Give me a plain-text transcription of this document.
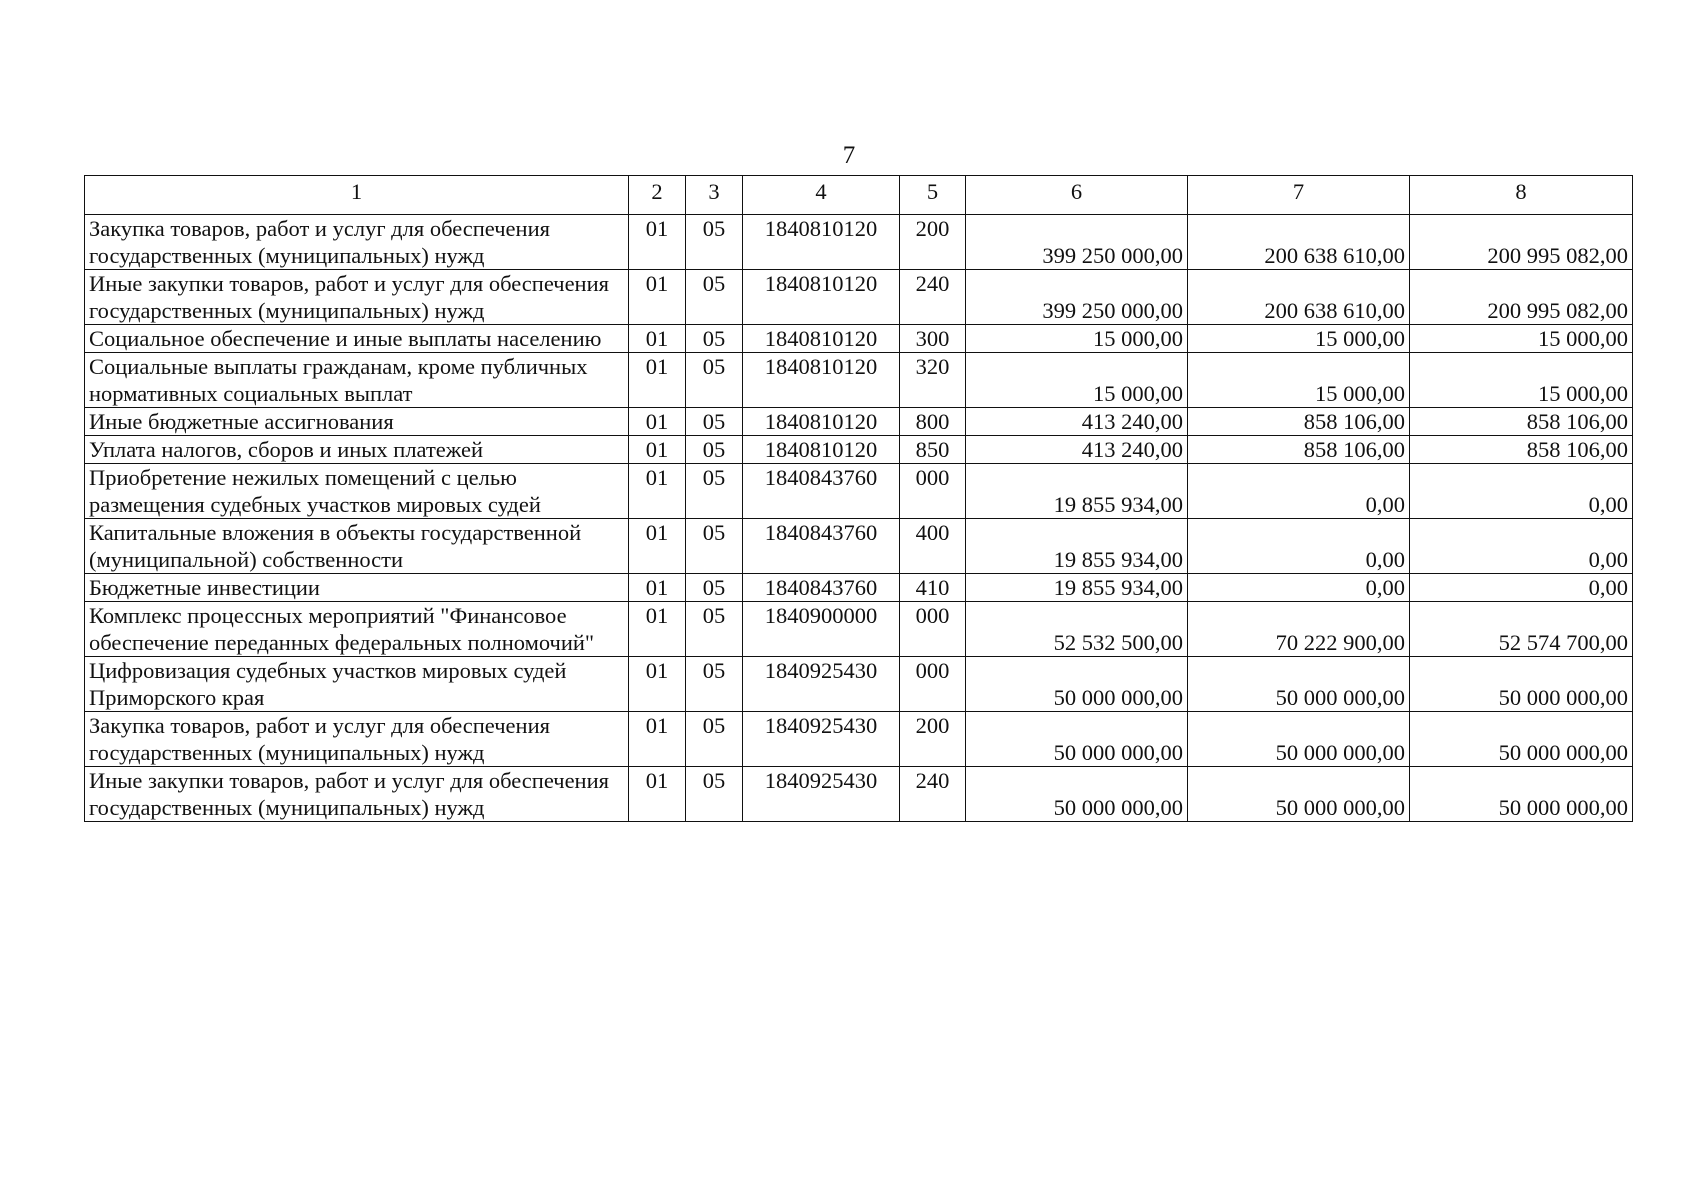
7
1	2	3	4	5	6	7	8
Закупка товаров, работ и услуг для обеспечения государственных (муниципальных) нужд	01	05	1840810120	200	399 250 000,00	200 638 610,00	200 995 082,00
Иные закупки товаров, работ и услуг для обеспечения государственных (муниципальных) нужд	01	05	1840810120	240	399 250 000,00	200 638 610,00	200 995 082,00
Социальное обеспечение и иные выплаты населению	01	05	1840810120	300	15 000,00	15 000,00	15 000,00
Социальные выплаты гражданам, кроме публичных нормативных социальных выплат	01	05	1840810120	320	15 000,00	15 000,00	15 000,00
Иные бюджетные ассигнования	01	05	1840810120	800	413 240,00	858 106,00	858 106,00
Уплата налогов, сборов и иных платежей	01	05	1840810120	850	413 240,00	858 106,00	858 106,00
Приобретение нежилых помещений с целью размещения судебных участков мировых судей	01	05	1840843760	000	19 855 934,00	0,00	0,00
Капитальные вложения в объекты государственной (муниципальной) собственности	01	05	1840843760	400	19 855 934,00	0,00	0,00
Бюджетные инвестиции	01	05	1840843760	410	19 855 934,00	0,00	0,00
Комплекс процессных мероприятий "Финансовое обеспечение переданных федеральных полномочий"	01	05	1840900000	000	52 532 500,00	70 222 900,00	52 574 700,00
Цифровизация судебных участков мировых судей Приморского края	01	05	1840925430	000	50 000 000,00	50 000 000,00	50 000 000,00
Закупка товаров, работ и услуг для обеспечения государственных (муниципальных) нужд	01	05	1840925430	200	50 000 000,00	50 000 000,00	50 000 000,00
Иные закупки товаров, работ и услуг для обеспечения государственных (муниципальных) нужд	01	05	1840925430	240	50 000 000,00	50 000 000,00	50 000 000,00
